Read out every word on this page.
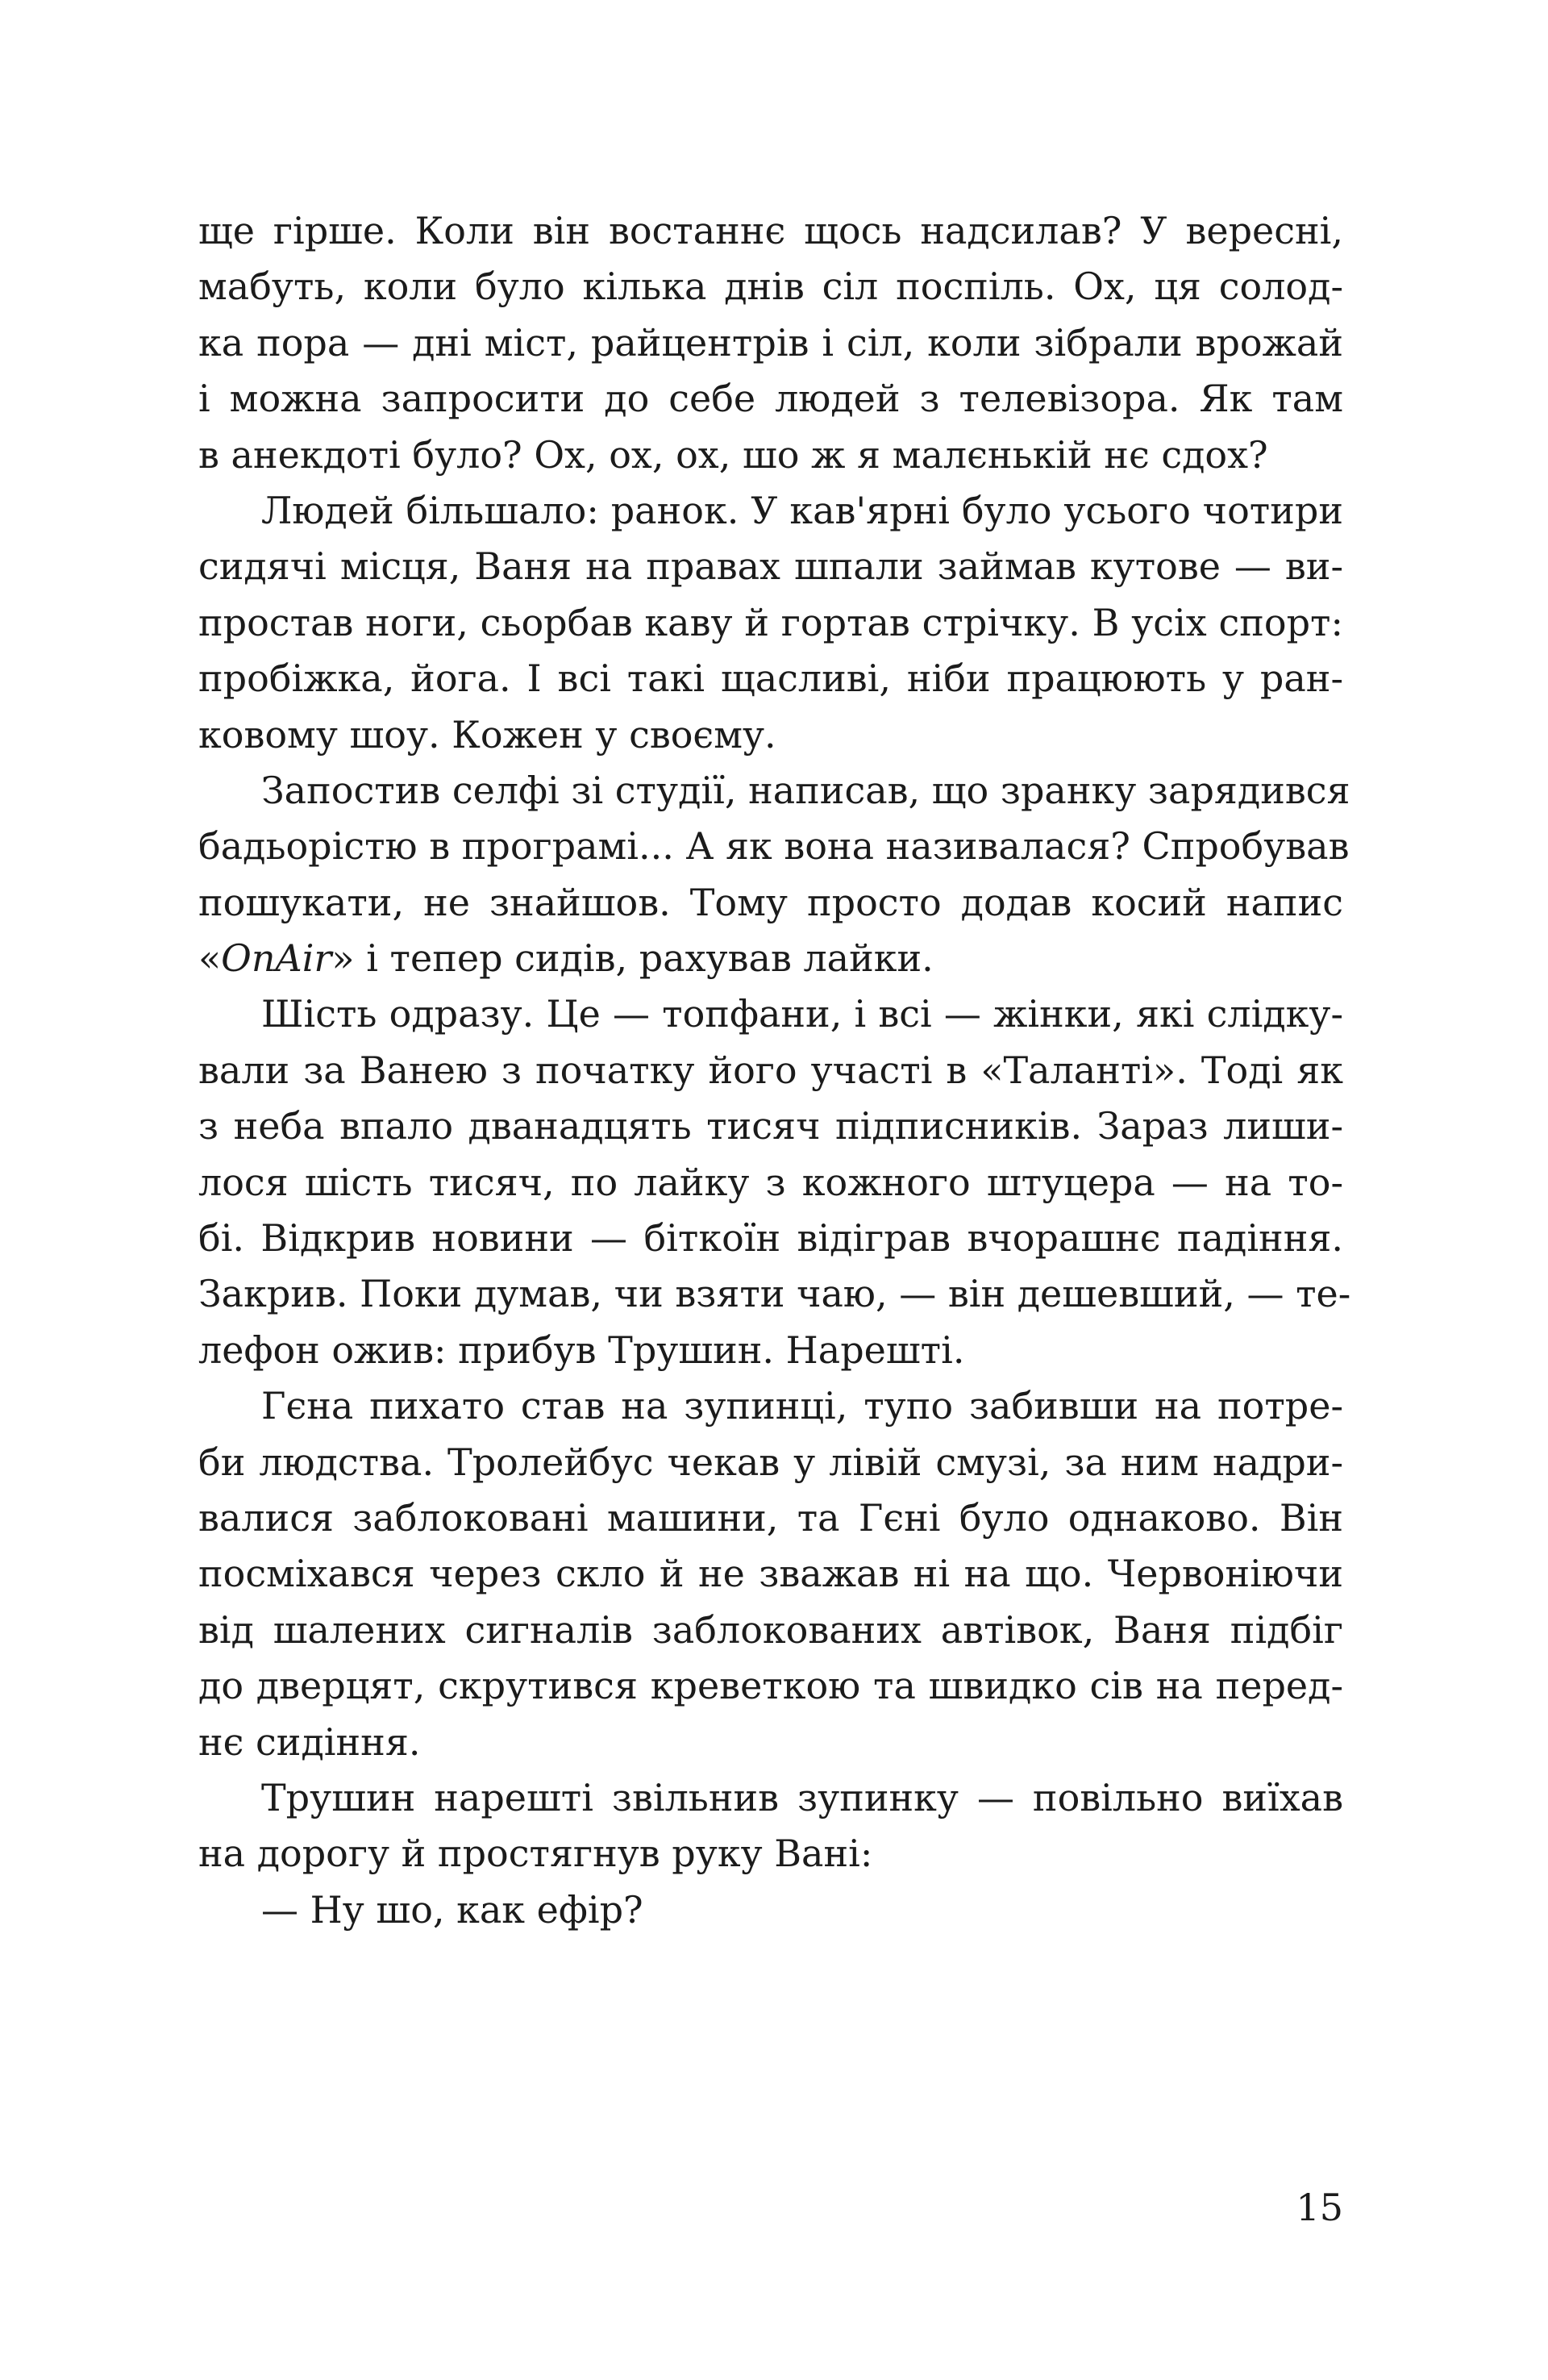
ще гірше. Коли він востаннє щось надсилав? У вересні,
мабуть, коли було кілька днів сіл поспіль. Ох, ця солод-
ка пора — дні міст, райцентрів і сіл, коли зібрали врожай
і можна запросити до себе людей з телевізора. Як там
в анекдоті було? Ох, ох, ох, шо ж я малєнькій нє сдох?
Людей більшало: ранок. У кав'ярні було усього чотири
сидячі місця, Ваня на правах шпали займав кутове — ви-
простав ноги, сьорбав каву й гортав стрічку. В усіх спорт:
пробіжка, йога. І всі такі щасливі, ніби працюють у ран-
ковому шоу. Кожен у своєму.
Запостив селфі зі студії, написав, що зранку зарядився
бадьорістю в програмі... А як вона називалася? Спробував
пошукати, не знайшов. Тому просто додав косий напис
«OnAir» і тепер сидів, рахував лайки.
Шість одразу. Це — топфани, і всі — жінки, які слідку-
вали за Ванею з початку його участі в «Таланті». Тоді як
з неба впало дванадцять тисяч підписників. Зараз лиши-
лося шість тисяч, по лайку з кожного штуцера — на то-
бі. Відкрив новини — біткоїн відіграв вчорашнє падіння.
Закрив. Поки думав, чи взяти чаю, — він дешевший, — те-
лефон ожив: прибув Трушин. Нарешті.
Гєна пихато став на зупинці, тупо забивши на потре-
би людства. Тролейбус чекав у лівій смузі, за ним надри-
валися заблоковані машини, та Гєні було однаково. Він
посміхався через скло й не зважав ні на що. Червоніючи
від шалених сигналів заблокованих автівок, Ваня підбіг
до дверцят, скрутився креветкою та швидко сів на перед-
нє сидіння.
Трушин нарешті звільнив зупинку — повільно виїхав
на дорогу й простягнув руку Вані:
— Ну шо, как ефір?
15
